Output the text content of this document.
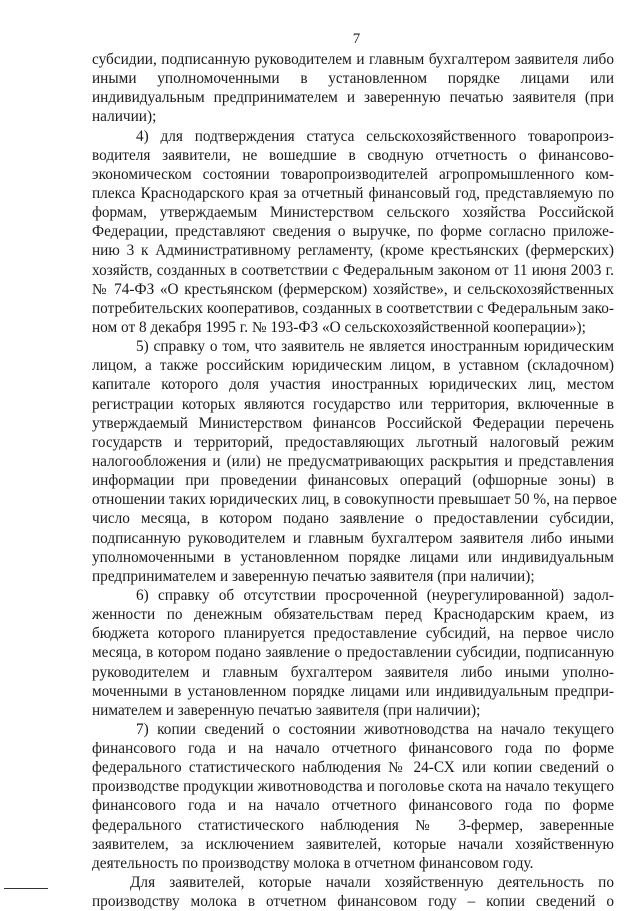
7
субсидии, подписанную руководителем и главным бухгалтером заявителя либо
иными уполномоченными в установленном порядке лицами или
индивидуальным предпринимателем и заверенную печатью заявителя (при
наличии);
4) для подтверждения статуса сельскохозяйственного товаропроиз-
водителя заявители, не вошедшие в сводную отчетность о финансово-
экономическом состоянии товаропроизводителей агропромышленного ком-
плекса Краснодарского края за отчетный финансовый год, представляемую по
формам, утверждаемым Министерством сельского хозяйства Российской
Федерации, представляют сведения о выручке, по форме согласно приложе-
нию 3 к Административному регламенту, (кроме крестьянских (фермерских)
хозяйств, созданных в соответствии с Федеральным законом от 11 июня 2003 г.
№ 74-ФЗ «О крестьянском (фермерском) хозяйстве», и сельскохозяйственных
потребительских кооперативов, созданных в соответствии с Федеральным зако-
ном от 8 декабря 1995 г. № 193-ФЗ «О сельскохозяйственной кооперации»);
5) справку о том, что заявитель не является иностранным юридическим
лицом, а также российским юридическим лицом, в уставном (складочном)
капитале которого доля участия иностранных юридических лиц, местом
регистрации которых являются государство или территория, включенные в
утверждаемый Министерством финансов Российской Федерации перечень
государств и территорий, предоставляющих льготный налоговый режим
налогообложения и (или) не предусматривающих раскрытия и представления
информации при проведении финансовых операций (офшорные зоны) в
отношении таких юридических лиц, в совокупности превышает 50 %, на первое
число месяца, в котором подано заявление о предоставлении субсидии,
подписанную руководителем и главным бухгалтером заявителя либо иными
уполномоченными в установленном порядке лицами или индивидуальным
предпринимателем и заверенную печатью заявителя (при наличии);
6) справку об отсутствии просроченной (неурегулированной) задол-
женности по денежным обязательствам перед Краснодарским краем, из
бюджета которого планируется предоставление субсидий, на первое число
месяца, в котором подано заявление о предоставлении субсидии, подписанную
руководителем и главным бухгалтером заявителя либо иными уполно-
моченными в установленном порядке лицами или индивидуальным предпри-
нимателем и заверенную печатью заявителя (при наличии);
7) копии сведений о состоянии животноводства на начало текущего
финансового года и на начало отчетного финансового года по форме
федерального статистического наблюдения № 24-СХ или копии сведений о
производстве продукции животноводства и поголовье скота на начало текущего
финансового года и на начало отчетного финансового года по форме
федерального статистического наблюдения № 3-фермер, заверенные
заявителем, за исключением заявителей, которые начали хозяйственную
деятельность по производству молока в отчетном финансовом году.
Для заявителей, которые начали хозяйственную деятельность по
производству молока в отчетном финансовом году – копии сведений о
